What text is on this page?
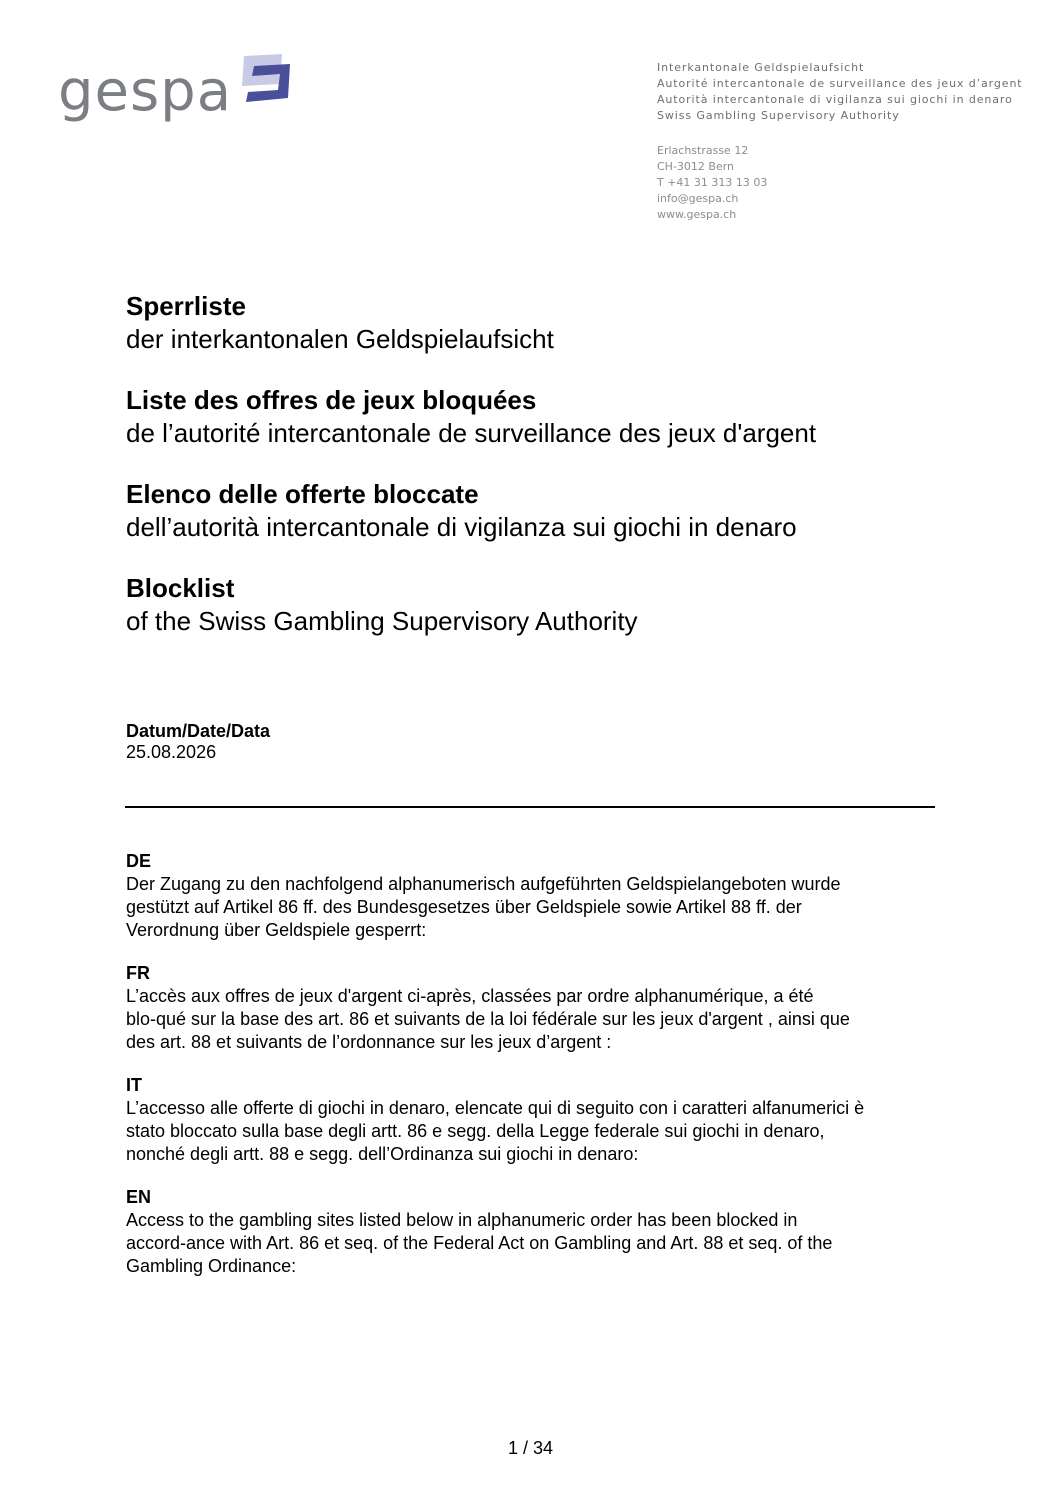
gespa	Interkantonale Geldspielaufsicht
Autorité intercantonale de surveillance des jeux d’argent
Autorità intercantonale di vigilanza sui giochi in denaro
Swiss Gambling Supervisory Authority
Erlachstrasse 12
CH-3012 Bern
T +41 31 313 13 03
info@gespa.ch
www.gespa.ch
Sperrliste
der interkantonalen Geldspielaufsicht
Liste des offres de jeux bloquées
de l’autorité intercantonale de surveillance des jeux d'argent
Elenco delle offerte bloccate
dell’autorità intercantonale di vigilanza sui giochi in denaro
Blocklist
of the Swiss Gambling Supervisory Authority
Datum/Date/Data
25.08.2026
DE
Der Zugang zu den nachfolgend alphanumerisch aufgeführten Geldspielangeboten wurde
gestützt auf Artikel 86 ff. des Bundesgesetzes über Geldspiele sowie Artikel 88 ff. der
Verordnung über Geldspiele gesperrt:
FR
L’accès aux offres de jeux d'argent ci-après, classées par ordre alphanumérique, a été
blo-qué sur la base des art. 86 et suivants de la loi fédérale sur les jeux d'argent , ainsi que
des art. 88 et suivants de l’ordonnance sur les jeux d’argent :
IT
L’accesso alle offerte di giochi in denaro, elencate qui di seguito con i caratteri alfanumerici è
stato bloccato sulla base degli artt. 86 e segg. della Legge federale sui giochi in denaro,
nonché degli artt. 88 e segg. dell’Ordinanza sui giochi in denaro:
EN
Access to the gambling sites listed below in alphanumeric order has been blocked in
accord-ance with Art. 86 et seq. of the Federal Act on Gambling and Art. 88 et seq. of the
Gambling Ordinance:
1 / 34
